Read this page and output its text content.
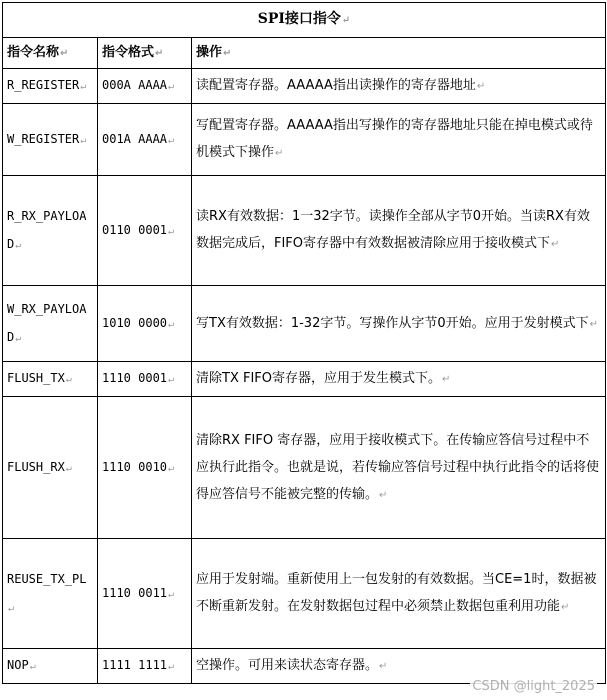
SPI接口指令↵		
指令名称↵	指令格式↵	操作↵
R_REGISTER↵	000A AAAA↵	读配置寄存器。AAAAA指出读操作的寄存器地址↵
W_REGISTER↵	001A AAAA↵	写配置寄存器。AAAAA指出写操作的寄存器地址只能在掉电模式或待机模式下操作↵
R_RX_PAYLOAD↵	0110 0001↵	读RX有效数据：1一32字节。读操作全部从字节0开始。当读RX有效数据完成后，FIFO寄存器中有效数据被清除应用于接收模式下↵
W_RX_PAYLOAD↵	1010 0000↵	写TX有效数据：1-32字节。写操作从字节0开始。应用于发射模式下↵
FLUSH_TX↵	1110 0001↵	清除TX FIFO寄存器，应用于发生模式下。↵
FLUSH_RX↵	1110 0010↵	清除RX FIFO 寄存器，应用于接收模式下。在传输应答信号过程中不应执行此指令。也就是说，若传输应答信号过程中执行此指令的话将使得应答信号不能被完整的传输。↵
REUSE_TX_PL↵	1110 0011↵	应用于发射端。重新使用上一包发射的有效数据。当CE=1时，数据被不断重新发射。在发射数据包过程中必须禁止数据包重利用功能↵
NOP↵	1111 1111↵	空操作。可用来读状态寄存器。↵
CSDN @light_2025
